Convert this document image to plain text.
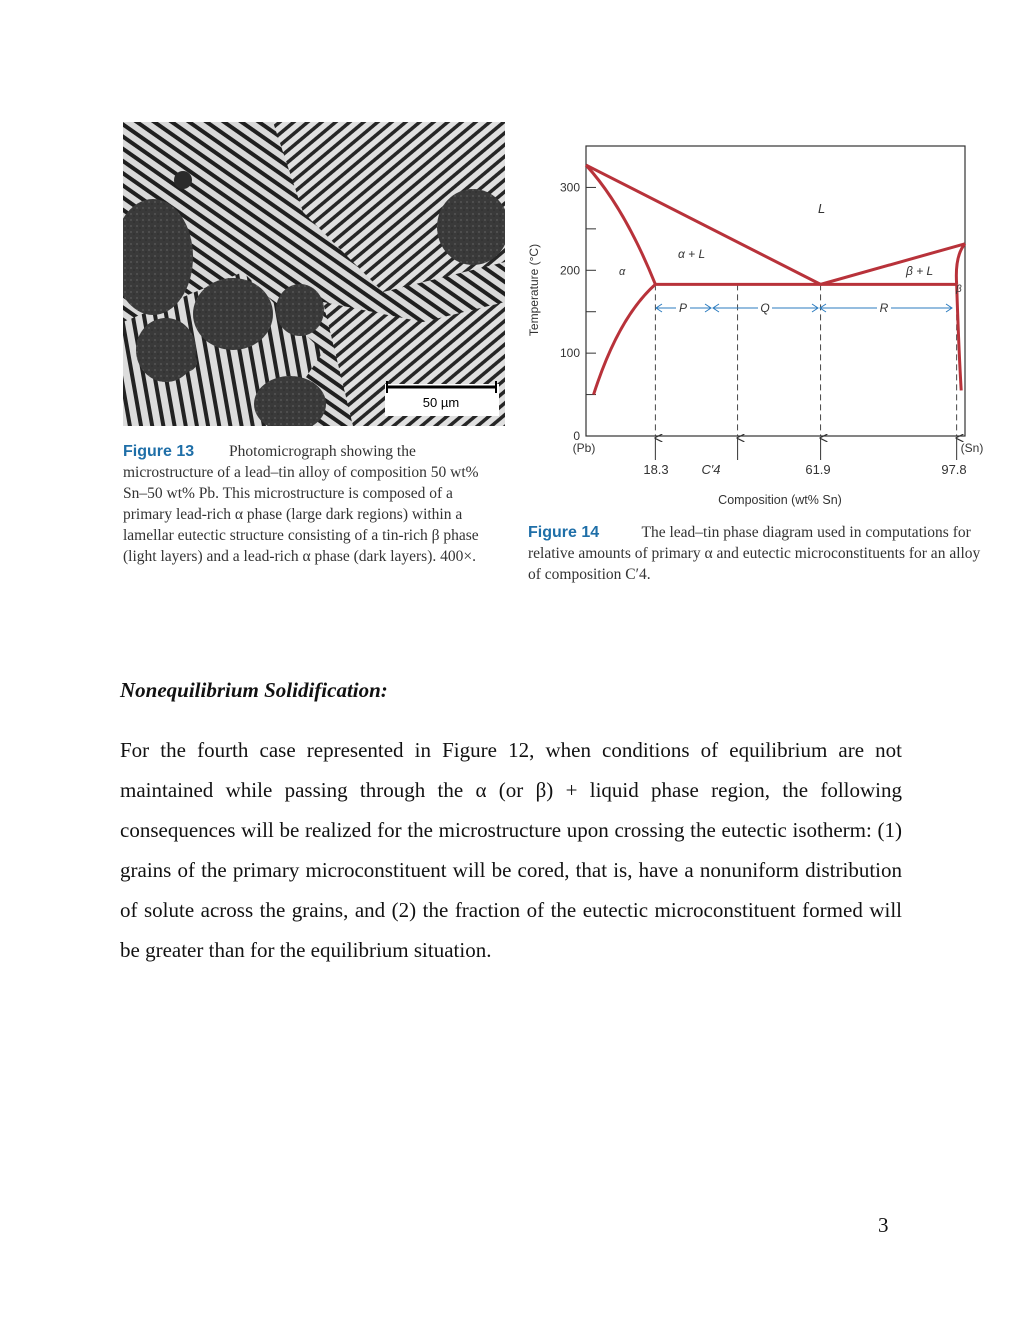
50 µm
Figure 13 Photomicrograph showing the microstructure of a lead–tin alloy of composition 50 wt% Sn–50 wt% Pb. This microstructure is composed of a primary lead-rich α phase (large dark regions) within a lamellar eutectic structure consisting of a tin-rich β phase (light layers) and a lead-rich α phase (dark layers). 400×.
0
100
200
300
Temperature (°C)
Composition (wt% Sn)
(Pb)	(Sn)
L
α
α + L
β + L
β
P	Q	R
18.3	C′4	61.9	97.8
Figure 14	The lead–tin phase diagram used in computations for relative amounts of primary α and eutectic microconstituents for an alloy of composition C′4.
Nonequilibrium Solidification:

For the fourth case represented in Figure 12, when conditions of equilibrium are not maintained while passing through the α (or β) + liquid phase region, the following consequences will be realized for the microstructure upon crossing the eutectic isotherm: (1) grains of the primary microconstituent will be cored, that is, have a nonuniform distribution of solute across the grains, and (2) the fraction of the eutectic microconstituent formed will be greater than for the equilibrium situation.

3
